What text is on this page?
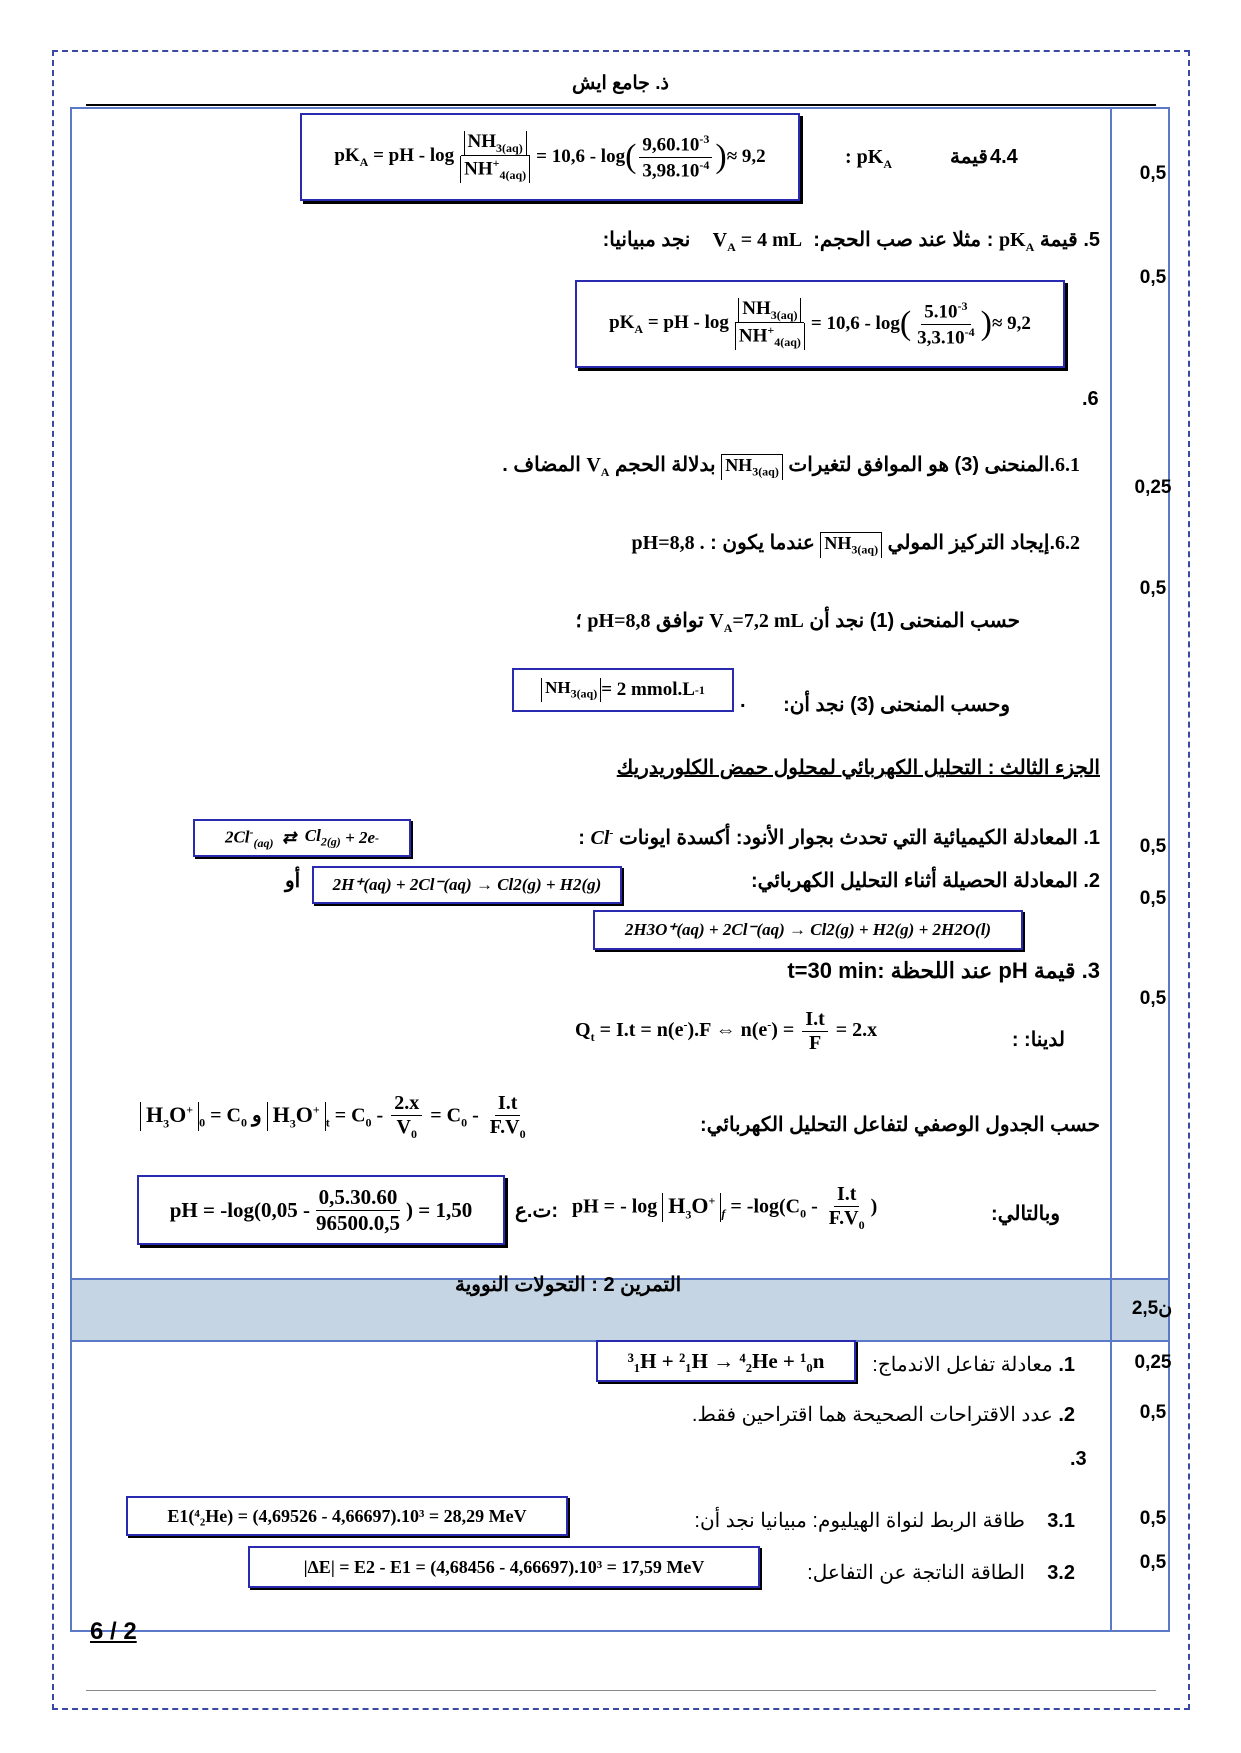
ذ. جامع ايش
$pK_A$ = pH - $\log \frac{NH_{3(aq)}}{NH^+_{4(aq)}} = 10,6 - \log$ ( $\frac{9,60.10^{-3}}{3,98.10^{-4}}$ ) ≈ 9,2	: $pK_A$	قيمة 4.4
0,5
5. قيمة $pK_A$ : مثلا عند صب الحجم:  $V_A = 4$ mL    نجد مبيانيا:
0,5
$pK_A$ = pH - $\log \frac{NH_{3(aq)}}{NH^+_{4(aq)}} = 10,6 - \log$ ( $\frac{5.10^{-3}}{3,3.10^{-4}}$ ) ≈ 9,2
.6
6.1.المنحنى (3) هو الموافق لتغيرات $NH_{3(aq)}$ بدلالة الحجم $V_A$ المضاف .
0,25
6.2.إيجاد التركيز المولي $NH_{3(aq)}$ عندما يكون : pH=8,8 .
0,5
حسب المنحنى (1) نجد أن $V_A=7,2$ mL توافق pH=8,8 ؛
$NH_{3(aq)} = 2$ mmol.L -1
.	وحسب المنحنى (3) نجد أن:
الجزء الثالث : التحليل الكهربائي لمحلول حمض الكلوريدريك
$2Cl^-_{(aq)}$ ⇄ $Cl_{2(g)}$
+ 2e -	1. المعادلة الكيميائية التي تحدث بجوار الأنود: أكسدة ايونات Cl- :	0,5
أو	2H⁺(aq) + 2Cl⁻(aq) → Cl2(g) + H2(g)	2. المعادلة الحصيلة أثناء التحليل الكهربائي:
0,5
2H3O⁺(aq) + 2Cl⁻(aq) → Cl2(g) + H2(g) + 2H2O(l)
3. قيمة pH عند اللحظة t=30 min:
0,5
$Q_t = I.t = n(e^-).F$ ⇔ $n(e^-) = \frac{I.t}{F} = 2.x$	لدينا: :
$H_3O^+_0 = C_0$ و $H_3O^+_t = C_0 - \frac{2.x}{V_0} = C_0 - \frac{I.t}{F.V_0}$	حسب الجدول الوصفي لتفاعل التحليل الكهربائي:
pH = $-\log(0,05 - \frac{0,5.30.60}{96500.0,5}$ ) = 1,50 ت.ع: pH = - $\log H_3O^+_f = -\log(C_0 - \frac{I.t}{F.V_0}$ )	وبالتالي:
التمرين 2 : التحولات النووية
ن2,5
³₁H + ²₁H → ⁴₂He + ¹₀n	1. معادلة تفاعل الاندماج:	0,25
2. عدد الاقتراحات الصحيحة هما اقتراحين فقط.	0,5
.3
E1(⁴₂He) = (4,69526 - 4,66697).10³ = 28,29 MeV	3.1    طاقة الربط لنواة الهيليوم: مبيانيا نجد أن:	0,5
|ΔE| = E2 - E1 = (4,68456 - 4,66697).10³ = 17,59 MeV	3.2    الطاقة الناتجة عن التفاعل:	0,5
6 / 2
